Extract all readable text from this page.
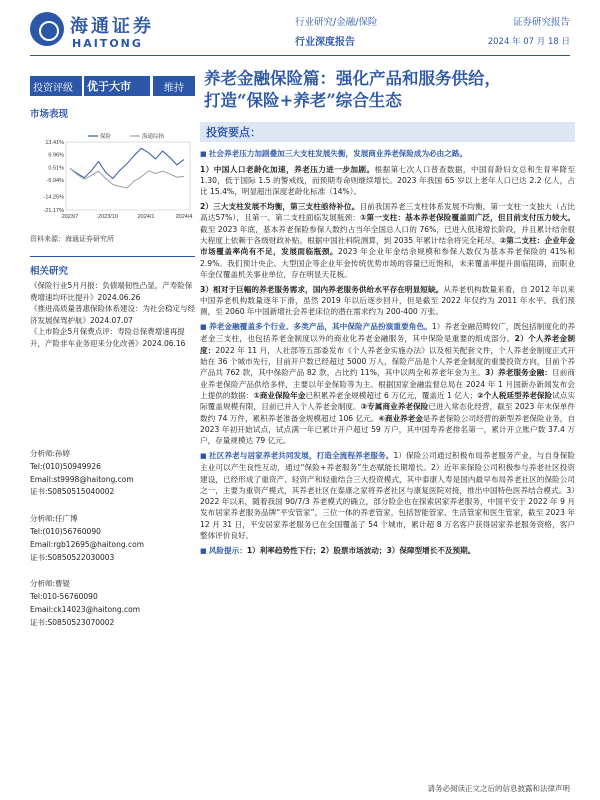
海通证券
HAITONG
行业研究/金融/保险
行业深度报告
证券研究报告
2024 年 07 月 18 日
投资评级	优于大市	维持
市场表现
13.41%
6.96%
0.51%
-5.94%
-14.25%
-21.17%
2023/7	2023/10	2024/1	2024/4
保险	海通综指
资料来源：海通证券研究所
相关研究
《保险行业5月月报：负债端韧性凸显，产寿险保费增速均环比提升》2024.06.26
《推进高质量普惠保险体系建设：为社会稳定与经济发展保驾护航》2024.07.07
《上市险企5月保费点评：寿险总保费增速再提升，产险非车业务迎来分化改善》2024.06.16
分析师:孙婷
Tel:(010)50949926
Email:st9998@haitong.com
证书:S0850515040002
分析师:任广博
Tel:(010)56760090
Email:rgb12695@haitong.com
证书:S0850522030003
分析师:曹锟
Tel:010-56760090
Email:ck14023@haitong.com
证书:S0850523070002
养老金融保险篇：强化产品和服务供给，
打造“保险+养老”综合生态
投资要点：

■ 社会养老压力加剧叠加三大支柱发展失衡，发展商业养老保险成为必由之路。

1）中国人口老龄化加速，养老压力进一步加剧。根据第七次人口普查数据，中国育龄妇女总和生育率降至 1.30，低于国际 1.5 的警戒线，而预期寿命则继续增长。2023 年我国 65 岁以上老年人口已达 2.2 亿人，占比 15.4%，明显超出深度老龄化标准（14%）。

2）三大支柱发展不均衡，第三支柱亟待补位。目前我国养老三支柱体系发展不均衡，第一支柱一支独大（占比高达57%），且第一、第二支柱面临发展瓶颈：①第一支柱：基本养老保险覆盖面广泛，但目前支付压力较大。截至 2023 年底，基本养老保险参保人数约占当年全国总人口的 76%，已进入低速增长阶段，并且累计结余很大程度上依赖于各级财政补贴。根据中国社科院测算，到 2035 年累计结余将完全耗尽。②第二支柱：企业年金市场覆盖率尚有不足，发展面临瓶颈。2023 年企业年金结余规模和参保人数仅为基本养老保险的 41%和 2.9%。我们预计央企、大型国企等企业年金传统优势市场的容量已近饱和，未来覆盖率提升面临阻碍，而职业年金仅覆盖机关事业单位，存在明显天花板。

3）相对于巨幅的养老服务需求，国内养老服务供给水平存在明显短缺。从养老机构数量来看，自 2012 年以来中国养老机构数量逐年下滑，虽然 2019 年以后逐步回升，但是截至 2022 年仅约为 2011 年水平。我们预测，至 2060 年中国新增社会养老床位的潜在需求约为 200-400 万张。

■ 养老金融覆盖多个行业、多类产品，其中保险产品扮演重要角色。1）养老金融范畴较广，既包括制度化的养老金三支柱，也包括养老金制度以外的商业化养老金融服务，其中保险是重要的组成部分。2）个人养老金制度：2022 年 11 月，人社部等五部委发布《个人养老金实施办法》以及相关配套文件，个人养老金制度正式开始在 36 个城市先行，目前开户数已经超过 5000 万人，保险产品是个人养老金制度的重要投资方向，目前个养产品共 762 款，其中保险产品 82 款，占比约 11%，其中以两全和养老年金为主。3）养老服务金融：目前商业养老保险产品供给多样，主要以年金保险等为主。根据国家金融监督总局在 2024 年 1 月国新办新闻发布会上提供的数据：①商业保险年金已积累养老金规模超过 6 万亿元，覆盖近 1 亿人；②个人税延型养老保险试点实际覆盖规模有限，目前已并入个人养老金制度。③专属商业养老保险已进入常态化经营，截至 2023 年末保单件数约 74 万件，累积养老准备金规模超过 106 亿元。④商业养老金是养老保险公司经营的新型养老保险业务，自 2023 年初开始试点，试点满一年已累计开户超过 59 万户，其中国寿养老排名第一，累计开立账户数 37.4 万户，存量规模达 79 亿元。

■ 社区养老与居家养老共同发展，打造全流程养老服务。1）保险公司通过积极布局养老服务产业，与自身保险主业可以产生良性互动，通过“保险+养老服务”生态赋能长期增长。2）近年来保险公司积极参与养老社区投资建设，已经形成了重资产、轻资产和轻重结合三大投资模式，其中泰康人寿是国内最早布局养老社区的保险公司之一，主要为重资产模式，其养老社区在泰康之家将养老社区与康复医院对接，推出中国特色医养结合模式。3）2022 年以来，随着我国 90/7/3 养老模式的确立，部分险企也在探索居家养老服务，中国平安于 2022 年 9 月发布居家养老服务品牌“平安管家”，三位一体的养老管家，包括智能管家、生活管家和医生管家，截至 2023 年 12 月 31 日，平安居家养老服务已在全国覆盖了 54 个城市，累计超 8 万名客户获得居家养老服务资格，客户整体评价良好。

■ 风险提示：1）利率趋势性下行；2）股票市场波动；3）保障型增长不及预期。

请务必阅读正文之后的信息披露和法律声明
